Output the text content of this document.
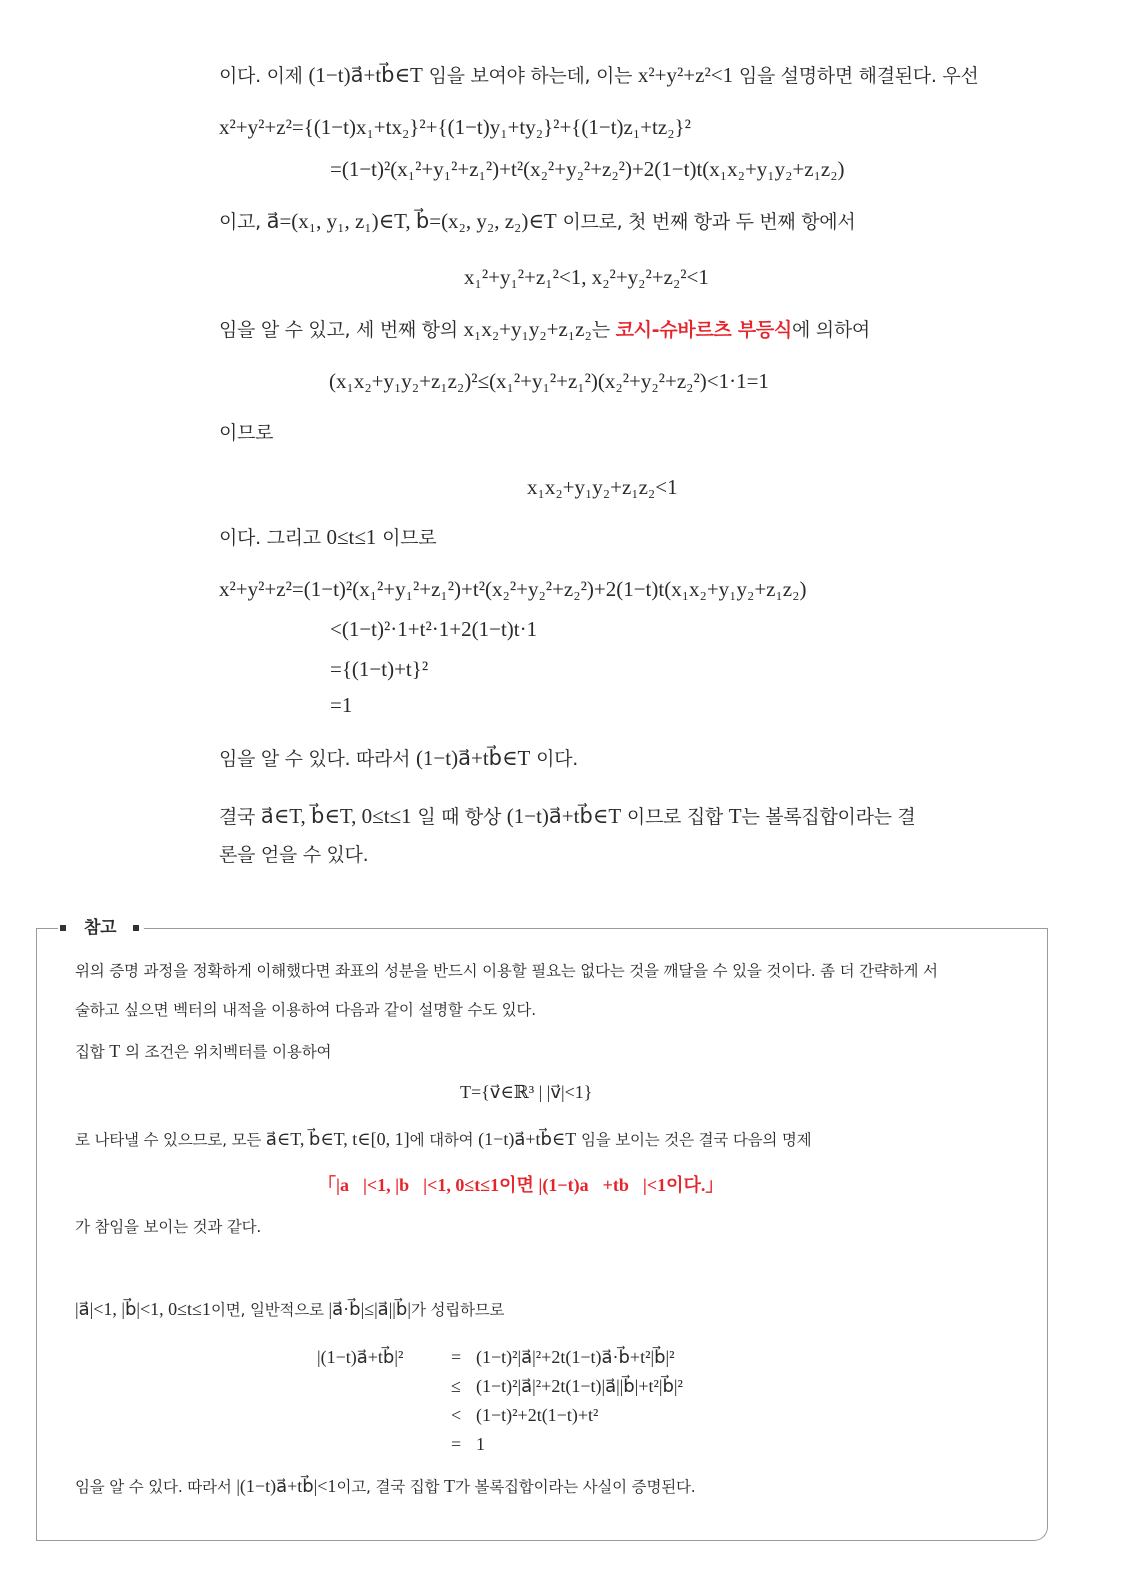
이다. 이제 (1−t)a⃗+tb⃗∈T 임을 보여야 하는데, 이는 x²+y²+z²<1 임을 설명하면 해결된다. 우선
x²+y²+z²={(1−t)x₁+tx₂}²+{(1−t)y₁+ty₂}²+{(1−t)z₁+tz₂}²
=(1−t)²(x₁²+y₁²+z₁²)+t²(x₂²+y₂²+z₂²)+2(1−t)t(x₁x₂+y₁y₂+z₁z₂)
이고, a⃗=(x₁, y₁, z₁)∈T, b⃗=(x₂, y₂, z₂)∈T 이므로, 첫 번째 항과 두 번째 항에서
x₁²+y₁²+z₁²<1, x₂²+y₂²+z₂²<1
임을 알 수 있고, 세 번째 항의 x₁x₂+y₁y₂+z₁z₂는 코시-슈바르츠 부등식에 의하여
(x₁x₂+y₁y₂+z₁z₂)²≤(x₁²+y₁²+z₁²)(x₂²+y₂²+z₂²)<1·1=1
이므로
x₁x₂+y₁y₂+z₁z₂<1
이다. 그리고 0≤t≤1 이므로
x²+y²+z²=(1−t)²(x₁²+y₁²+z₁²)+t²(x₂²+y₂²+z₂²)+2(1−t)t(x₁x₂+y₁y₂+z₁z₂)
<(1−t)²·1+t²·1+2(1−t)t·1
={(1−t)+t}²
=1
임을 알 수 있다. 따라서 (1−t)a⃗+tb⃗∈T 이다.
결국 a⃗∈T, b⃗∈T, 0≤t≤1 일 때 항상 (1−t)a⃗+tb⃗∈T 이므로 집합 T는 볼록집합이라는 결
론을 얻을 수 있다.
참고
위의 증명 과정을 정확하게 이해했다면 좌표의 성분을 반드시 이용할 필요는 없다는 것을 깨달을 수 있을 것이다. 좀 더 간략하게 서
술하고 싶으면 벡터의 내적을 이용하여 다음과 같이 설명할 수도 있다.
집합 T 의 조건은 위치벡터를 이용하여
T={v⃗∈ℝ³ | |v⃗|<1}
로 나타낼 수 있으므로, 모든 a⃗∈T, b⃗∈T, t∈[0, 1]에 대하여 (1−t)a⃗+tb⃗∈T 임을 보이는 것은 결국 다음의 명제
「|a⃗|<1, |b⃗|<1, 0≤t≤1이면 |(1−t)a⃗+tb⃗|<1이다.」
가 참임을 보이는 것과 같다.
|a⃗|<1, |b⃗|<1, 0≤t≤1이면, 일반적으로 |a⃗·b⃗|≤|a⃗||b⃗|가 성립하므로
|(1−t)a⃗+tb⃗|²	= (1−t)²|a⃗|²+2t(1−t)a⃗·b⃗+t²|b⃗|²
≤ (1−t)²|a⃗|²+2t(1−t)|a⃗||b⃗|+t²|b⃗|²
< (1−t)²+2t(1−t)+t²
= 1
임을 알 수 있다. 따라서 |(1−t)a⃗+tb⃗|<1이고, 결국 집합 T가 볼록집합이라는 사실이 증명된다.
